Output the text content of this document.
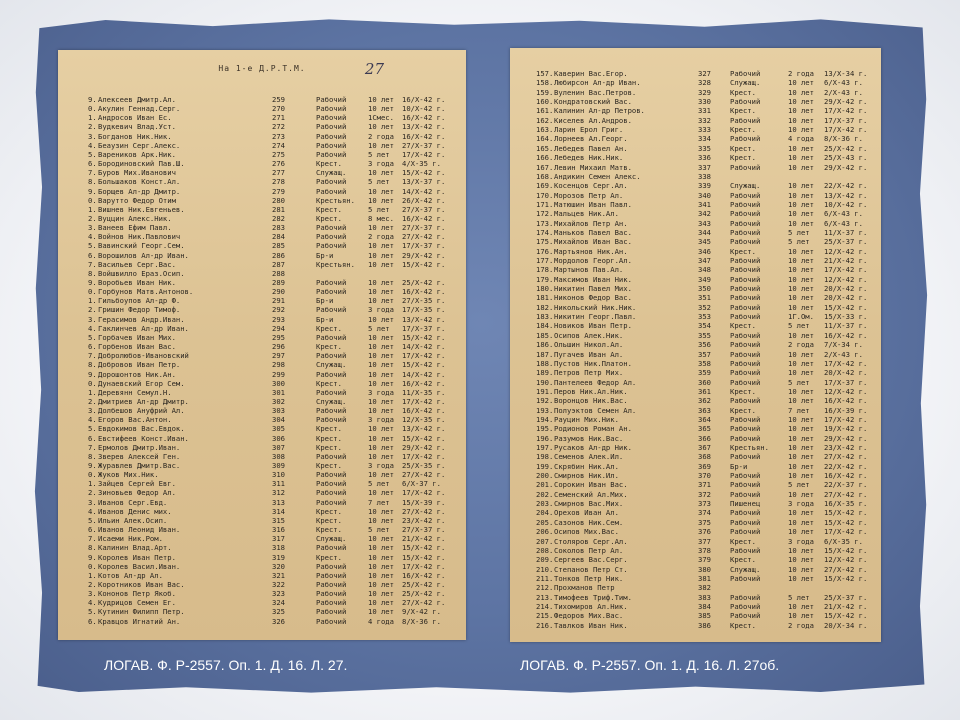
На 1-е Д.Р.Т.М.	27
9. Алексеев Дмитр.Ал.	259	Рабочий	10 лет	16/Х-42 г.
0. Акулин Геннад.Серг.	270	Рабочий	10 лет	10/Х-42 г.
1. Андросов Иван Ес.	271	Рабочий	1Смес.	16/Х-42 г.
2. Вудкевич Влад.Уст.	272	Рабочий	10 лет	13/Х-42 г.
3. Богданов Ник.Ник.	273	Рабочий	2 года	16/Х-42 г.
4. Беаузин Серг.Алекс.	274	Рабочий	10 лет	27/Х-37 г.
5. Вареников Арк.Ник.	275	Рабочий	5 лет	17/Х-42 г.
6. Бородиновский Пав.Ш.	276	Крест.	3 года	4/Х-35 г.
7. Буров Мих.Иванович	277	Служащ.	10 лет	15/Х-42 г.
8. Большаков Конст.Ал.	278	Рабочий	5 лет	13/Х-37 г.
9. Борщев Ал-др Дмитр.	279	Рабочий	10 лет	14/Х-42 г.
0. Варутто Федор Отим	280	Крестьян.	10 лет	26/Х-42 г.
1. Вишнев Ник.Евгеньев.	281	Крест.	5 лет	27/Х-37 г.
2. Вуццин Алекс.Ник.	282	Крест.	8 мес.	16/Х-42 г.
3. Ванеев Ефим Павл.	283	Рабочий	10 лет	27/Х-37 г.
4. Войнов Ник.Павлович	284	Рабочий	2 года	27/Х-42 г.
5. Вавинский Георг.Сем.	285	Рабочий	10 лет	17/Х-37 г.
6. Ворошилов Ал-др Иван.	286	Бр-и	10 лет	29/Х-42 г.
7. Васильев Серг.Вас.	287	Крестьян.	10 лет	15/Х-42 г.
8. Войшвилло Ераз.Осип.	288
9. Воробьев Иван Ник.	289	Рабочий	10 лет	25/Х-42 г.
0. Горбунов Матв.Антонов.	290	Рабочий	10 лет	16/Х-42 г.
1. Гильбоупов Ал-др Ф.	291	Бр-и	10 лет	27/Х-35 г.
2. Гришин Федор Тимоф.	292	Рабочий	3 года	17/Х-35 г.
3. Герасимов Андр.Иван.	293	Бр-и	10 лет	13/Х-42 г.
4. Гаклинчев Ал-др Иван.	294	Крест.	5 лет	17/Х-37 г.
5. Горбачев Иван Мих.	295	Рабочий	10 лет	15/Х-42 г.
6. Горбенов Иван Вас.	296	Крест.	10 лет	14/Х-42 г.
7. Добролюбов-Ивановский	297	Рабочий	10 лет	17/Х-42 г.
8. Добровов Иван Петр.	298	Служащ.	10 лет	15/Х-42 г.
9. Дорошонтов Ник.Ан.	299	Рабочий	10 лет	14/Х-42 г.
0. Дунаевский Егор Сем.	300	Крест.	10 лет	16/Х-42 г.
1. Деревянн Семул.Н.	301	Рабочий	3 года	11/Х-35 г.
2. Дмитриев Ал-др Дмитр.	302	Служащ.	10 лет	17/Х-42 г.
3. Долбешов Ануфрий Ал.	303	Рабочий	10 лет	16/Х-42 г.
4. Егоров Вас.Антон.	304	Рабочий	3 года	12/Х-35 г.
5. Евдокимов Вас.Евдок.	305	Крест.	10 лет	13/Х-42 г.
6. Евстифеев Конст.Иван.	306	Крест.	10 лет	15/Х-42 г.
7. Ермолов Дмитр.Иван.	307	Крест.	10 лет	29/Х-42 г.
8. Зверев Алексей Ген.	308	Рабочий	10 лет	17/Х-42 г.
9. Журавлев Дмитр.Вас.	309	Крест.	3 года	25/Х-35 г.
0. Жуков Мих.Ник.	310	Рабочий	10 лет	27/Х-42 г.
1. Зайцев Сергей Евг.	311	Рабочий	5 лет	6/Х-37 г.
2. Зиновьев Федор Ал.	312	Рабочий	10 лет	17/Х-42 г.
3. Иванов Серг.Евд.	313	Рабочий	7 лет	15/Х-39 г.
4. Иванов Денис мих.	314	Крест.	10 лет	27/Х-42 г.
5. Ильин Алек.Осип.	315	Крест.	10 лет	23/Х-42 г.
6. Иванов Леонид Иван.	316	Крест.	5 лет	27/Х-37 г.
7. Исаеми Ник.Ром.	317	Служащ.	10 лет	21/Х-42 г.
8. Калинин Влад.Арт.	318	Рабочий	10 лет	15/Х-42 г.
9. Королев Иван Петр.	319	Крест.	10 лет	15/Х-42 г.
0. Королев Васил.Иван.	320	Рабочий	10 лет	17/Х-42 г.
1. Котов Ал-др Ал.	321	Рабочий	10 лет	16/Х-42 г.
2. Коротников Иван Вас.	322	Рабочий	10 лет	25/Х-42 г.
3. Кононов Петр Якоб.	323	Рабочий	10 лет	25/Х-42 г.
4. Кудрицов Семен Ег.	324	Рабочий	10 лет	27/Х-42 г.
5. Кутинин Филипп Петр.	325	Рабочий	10 лет	9/Х-42 г.
6. Кравцов Игнатий Ан.	326	Рабочий	4 года	8/Х-36 г.
157. Каверин Вас.Егор.	327	Рабочий	2 года	13/Х-34 г.
158. Любирсон Ал-др Иван.	328	Служащ.	10 лет	6/Х-43 г.
159. Вуленин Вас.Петров.	329	Крест.	10 лет	2/Х-43 г.
160. Кондратовский Вас.	330	Рабочий	10 лет	29/Х-42 г.
161. Калинин Ал-др Петров.	331	Крест.	10 лет	17/Х-42 г.
162. Киселев Ал.Андров.	332	Рабочий	10 лет	17/Х-37 г.
163. Ларин Ерол Григ.	333	Крест.	10 лет	17/Х-42 г.
164. Лорнеев Ал.Георг.	334	Рабочий	4 года	8/Х-36 г.
165. Лебедев Павел Ан.	335	Крест.	10 лет	25/Х-42 г.
166. Лебедев Ник.Ник.	336	Крест.	10 лет	25/Х-43 г.
167. Левин Михаил Матв.	337	Рабочий	10 лет	29/Х-42 г.
168. Андикин Семен Алекс.	338
169. Косенцов Серг.Ал.	339	Служащ.	10 лет	22/Х-42 г.
170. Морозов Петр Ал.	340	Рабочий	10 лет	13/Х-42 г.
171. Матюшин Иван Павл.	341	Рабочий	10 лет	10/Х-42 г.
172. Мальцев Ник.Ал.	342	Рабочий	10 лет	6/Х-43 г.
173. Михайлов Петр Ан.	343	Рабочий	10 лет	6/Х-43 г.
174. Маньков Павел Вас.	344	Рабочий	5 лет	11/Х-37 г.
175. Михайлов Иван Вас.	345	Рабочий	5 лет	25/Х-37 г.
176. Мартьянов Ник.Ан.	346	Крест.	10 лет	12/Х-42 г.
177. Мордолов Георг.Ал.	347	Рабочий	10 лет	21/Х-42 г.
178. Мартынов Пав.Ал.	348	Рабочий	10 лет	17/Х-42 г.
179. Максимов Иван Ник.	349	Рабочий	10 лет	12/Х-42 г.
180. Никитин Павел Мих.	350	Рабочий	10 лет	20/Х-42 г.
181. Никонов Федор Вас.	351	Рабочий	10 лет	20/Х-42 г.
182. Никольский Ник.Ник.	352	Рабочий	10 лет	15/Х-42 г.
183. Никитин Георг.Павл.	353	Рабочий	1Г.Ом.	15/Х-33 г.
184. Новиков Иван Петр.	354	Крест.	5 лет	11/Х-37 г.
185. Осипов Алек.Ник.	355	Рабочий	10 лет	16/Х-42 г.
186. Ольшин Никол.Ал.	356	Рабочий	2 года	7/Х-34 г.
187. Пугачев Иван Ал.	357	Рабочий	10 лет	2/Х-43 г.
188. Пустов Ник.Платон.	358	Рабочий	10 лет	17/Х-42 г.
189. Петров Петр Мих.	359	Рабочий	10 лет	20/Х-42 г.
190. Пантелеев Федор Ал.	360	Рабочий	5 лет	17/Х-37 г.
191. Перов Ник.Ал.Ник.	361	Крест.	10 лет	12/Х-42 г.
192. Воронцов Ник.Вас.	362	Рабочий	10 лет	16/Х-42 г.
193. Полуэктов Семен Ал.	363	Крест.	7 лет	16/Х-39 г.
194. Рауцин Мих.Ник.	364	Рабочий	10 лет	17/Х-42 г.
195. Родионов Роман Ан.	365	Рабочий	10 лет	19/Х-42 г.
196. Разумов Ник.Вас.	366	Рабочий	10 лет	29/Х-42 г.
197. Русаков Ал-др Ник.	367	Крестьян.	10 лет	23/Х-42 г.
198. Семенов Алек.Ил.	368	Рабочий	10 лет	27/Х-42 г.
199. Скрябин Ник.Ал.	369	Бр-и	10 лет	22/Х-42 г.
200. Смирнов Ник.Ил.	370	Рабочий	10 лет	16/Х-42 г.
201. Сорокин Иван Вас.	371	Рабочий	5 лет	22/Х-37 г.
202. Семенский Ал.Мих.	372	Рабочий	10 лет	27/Х-42 г.
203. Смирнов Вас.Мих.	373	Пишенец	3 года	16/Х-35 г.
204. Орехов Иван Ал.	374	Рабочий	10 лет	15/Х-42 г.
205. Сазонов Ник.Сем.	375	Рабочий	10 лет	15/Х-42 г.
206. Осипов Мих.Вас.	376	Рабочий	10 лет	17/Х-42 г.
207. Столяров Серг.Ал.	377	Крест.	3 года	6/Х-35 г.
208. Соколов Петр Ал.	378	Рабочий	10 лет	15/Х-42 г.
209. Сергеев Вас.Серг.	379	Крест.	10 лет	12/Х-42 г.
210. Степанов Петр Ст.	380	Служащ.	10 лет	27/Х-42 г.
211. Тонков Петр Ник.	381	Рабочий	10 лет	15/Х-42 г.
212. Прохманов Петр	382
213. Тимофеев Триф.Тим.	383	Рабочий	5 лет	25/Х-37 г.
214. Тихомиров Ал.Ник.	384	Рабочий	10 лет	21/Х-42 г.
215. Федоров Мих.Вас.	385	Рабочий	10 лет	15/Х-42 г.
216. Тавлков Иван Ник.	386	Крест.	2 года	20/Х-34 г.
ЛОГАВ. Ф. Р-2557. Оп. 1. Д. 16. Л. 27.	ЛОГАВ. Ф. Р-2557. Оп. 1. Д. 16. Л. 27об.
